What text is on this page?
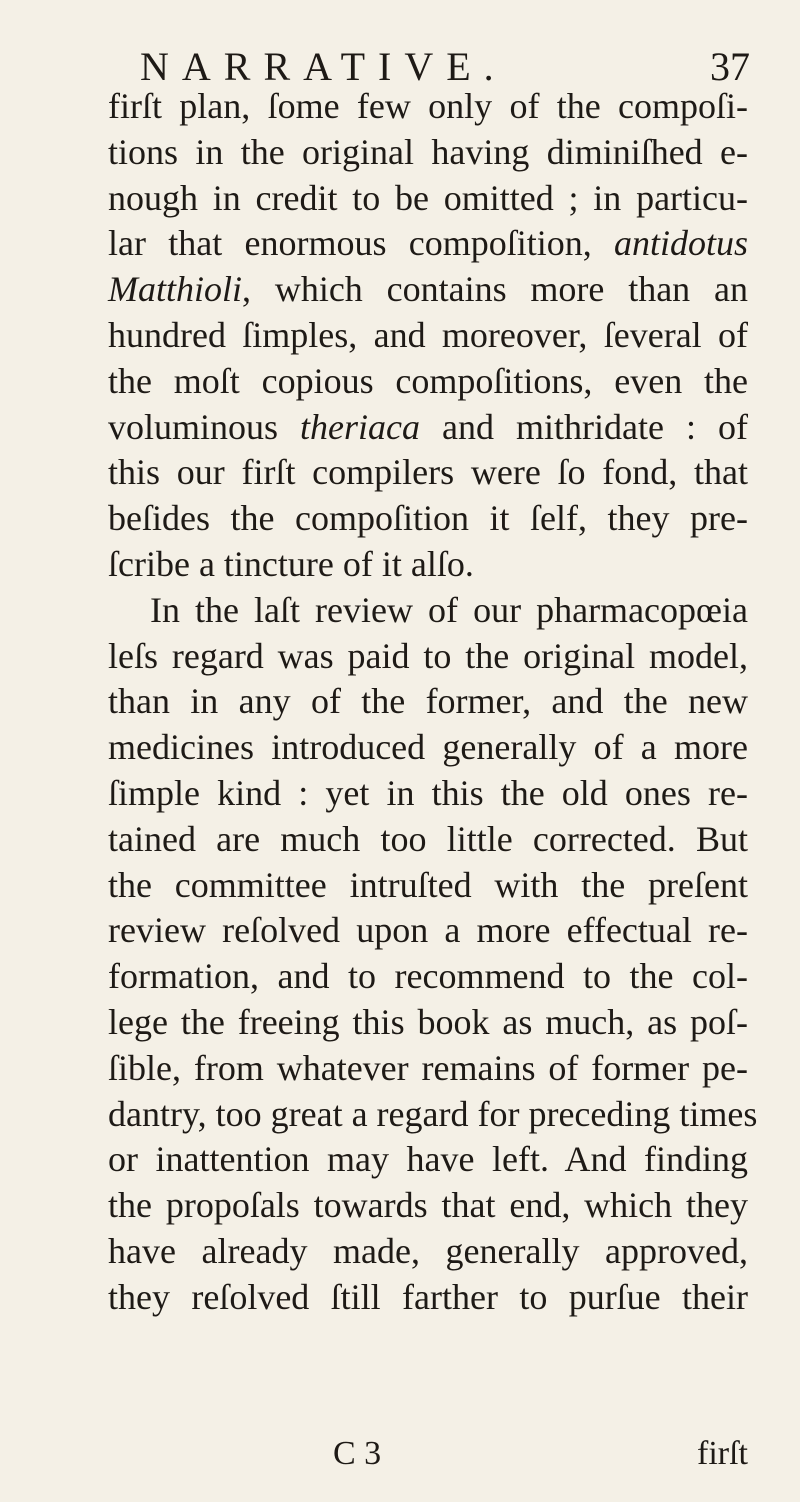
NARRATIVE.	37
firſt plan, ſome few only of the compoſi-
tions in the original having diminiſhed e-
nough in credit to be omitted ; in particu-
lar that enormous compoſition, antidotus
Matthioli, which contains more than an
hundred ſimples, and moreover, ſeveral of
the moſt copious compoſitions, even the
voluminous theriaca and mithridate : of
this our firſt compilers were ſo fond, that
beſides the compoſition it ſelf, they pre-
ſcribe a tincture of it alſo.
In the laſt review of our pharmacopœia
leſs regard was paid to the original model,
than in any of the former, and the new
medicines introduced generally of a more
ſimple kind : yet in this the old ones re-
tained are much too little corrected. But
the committee intruſted with the preſent
review reſolved upon a more effectual re-
formation, and to recommend to the col-
lege the freeing this book as much, as poſ-
ſible, from whatever remains of former pe-
dantry, too great a regard for preceding times
or inattention may have left. And finding
the propoſals towards that end, which they
have already made, generally approved,
they reſolved ſtill farther to purſue their
C 3	firſt
